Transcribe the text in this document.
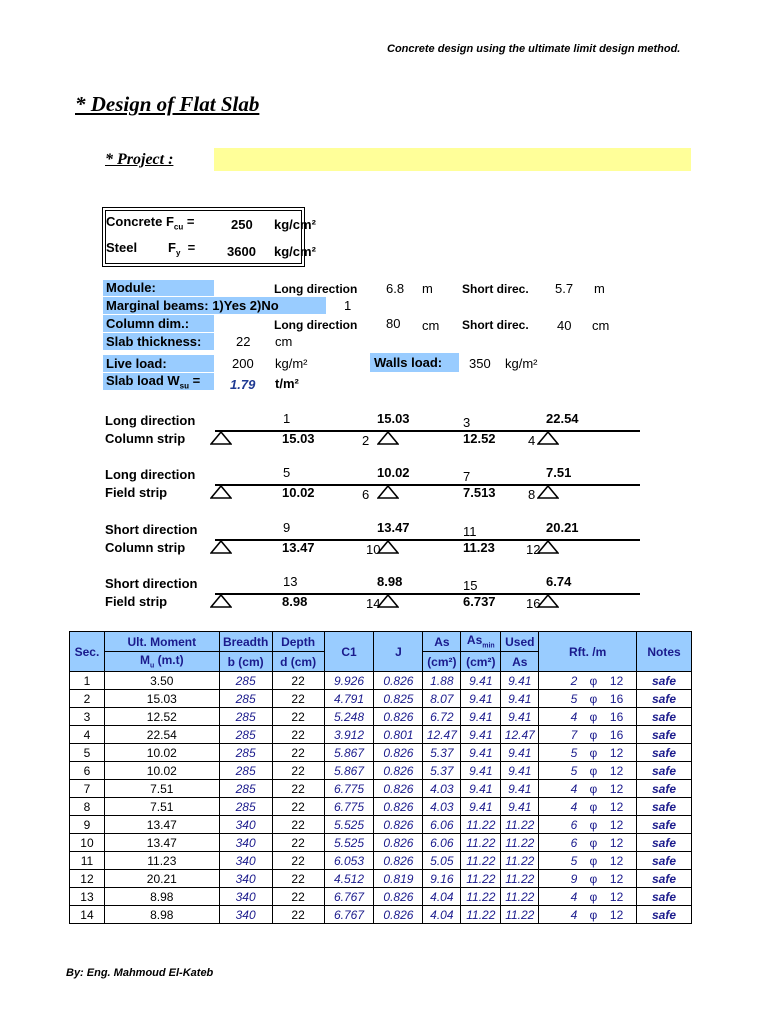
Concrete design using the ultimate limit design method.
* Design of Flat Slab
* Project :
Concrete $F_{cu}$ =	250 kg/cm²
Steel $F_y = 3600$ kg/cm²
Module:	Long direction 6.8 m Short direc. 5.7 m
Marginal beams: 1)Yes 2)No	1
Column dim.:	Long direction 80 cm Short direc. 40 cm
Slab thickness:	22 cm
Live load:	200 kg/m²	Walls load: 350 kg/m²
Slab load $W_{su} = 1.79$ t/m²
Long direction
Column strip
1
2
3
4
15.03	22.54
15.03	12.52
Long direction
Field strip
5
6
7
8
10.02	7.51
10.02	7.513
Short direction
Column strip
9
10
11
12
13.47	20.21
13.47	11.23
Short direction
Field strip
13
14
15
16
8.98	6.74
8.98	6.737
Sec.	Ult. Moment	Breadth	Depth	C1	J	As	$As_{min}$	Used	Rft. /m	Notes
	$M_u$ (m.t)	b (cm)	d (cm)			(cm²)	(cm²)	As		
1	3.50	285	22	9.926	0.826	1.88	9.41	9.41	2 φ 12	safe
2	15.03	285	22	4.791	0.825	8.07	9.41	9.41	5 φ 16	safe
3	12.52	285	22	5.248	0.826	6.72	9.41	9.41	4 φ 16	safe
4	22.54	285	22	3.912	0.801	12.47	9.41	12.47	7 φ 16	safe
5	10.02	285	22	5.867	0.826	5.37	9.41	9.41	5 φ 12	safe
6	10.02	285	22	5.867	0.826	5.37	9.41	9.41	5 φ 12	safe
7	7.51	285	22	6.775	0.826	4.03	9.41	9.41	4 φ 12	safe
8	7.51	285	22	6.775	0.826	4.03	9.41	9.41	4 φ 12	safe
9	13.47	340	22	5.525	0.826	6.06	11.22	11.22	6 φ 12	safe
10	13.47	340	22	5.525	0.826	6.06	11.22	11.22	6 φ 12	safe
11	11.23	340	22	6.053	0.826	5.05	11.22	11.22	5 φ 12	safe
12	20.21	340	22	4.512	0.819	9.16	11.22	11.22	9 φ 12	safe
13	8.98	340	22	6.767	0.826	4.04	11.22	11.22	4 φ 12	safe
14	8.98	340	22	6.767	0.826	4.04	11.22	11.22	4 φ 12	safe
By: Eng. Mahmoud El-Kateb
